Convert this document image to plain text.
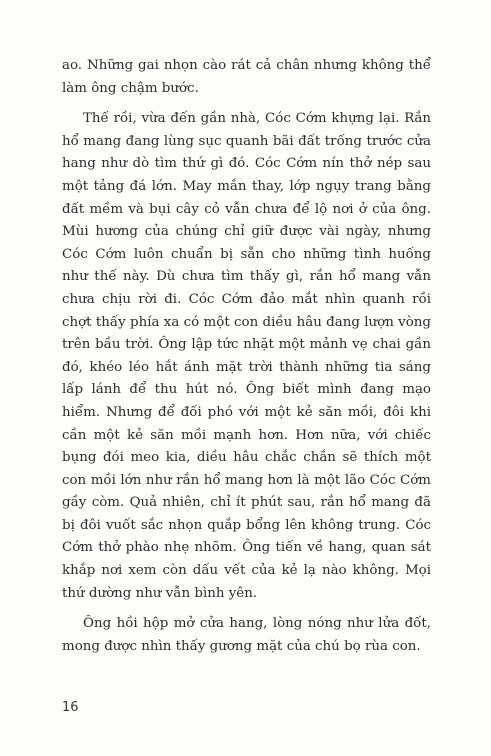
ao. Những gai nhọn cào rát cả chân nhưng không thể làm ông chậm bước.

Thế rồi, vừa đến gần nhà, Cóc Cớm khựng lại. Rắn hổ mang đang lùng sục quanh bãi đất trống trước cửa hang như dò tìm thứ gì đó. Cóc Cớm nín thở nép sau một tảng đá lớn. May mắn thay, lớp ngụy trang bằng đất mềm và bụi cây cỏ vẫn chưa để lộ nơi ở của ông. Mùi hương của chúng chỉ giữ được vài ngày, nhưng Cóc Cớm luôn chuẩn bị sẵn cho những tình huống như thế này. Dù chưa tìm thấy gì, rắn hổ mang vẫn chưa chịu rời đi. Cóc Cớm đảo mắt nhìn quanh rồi chợt thấy phía xa có một con diều hâu đang lượn vòng trên bầu trời. Ông lập tức nhặt một mảnh vẹ chai gần đó, khéo léo hắt ánh mặt trời thành những tia sáng lấp lánh để thu hút nó. Ông biết mình đang mạo hiểm. Nhưng để đối phó với một kẻ săn mồi, đôi khi cần một kẻ săn mồi mạnh hơn. Hơn nữa, với chiếc bụng đói meo kia, diều hâu chắc chắn sẽ thích một con mồi lớn như rắn hổ mang hơn là một lão Cóc Cớm gầy còm. Quả nhiên, chỉ ít phút sau, rắn hổ mang đã bị đôi vuốt sắc nhọn quắp bổng lên không trung. Cóc Cớm thở phào nhẹ nhõm. Ông tiến về hang, quan sát khắp nơi xem còn dấu vết của kẻ lạ nào không. Mọi thứ dường như vẫn bình yên.

Ông hồi hộp mở cửa hang, lòng nóng như lửa đốt, mong được nhìn thấy gương mặt của chú bọ rùa con.

16
